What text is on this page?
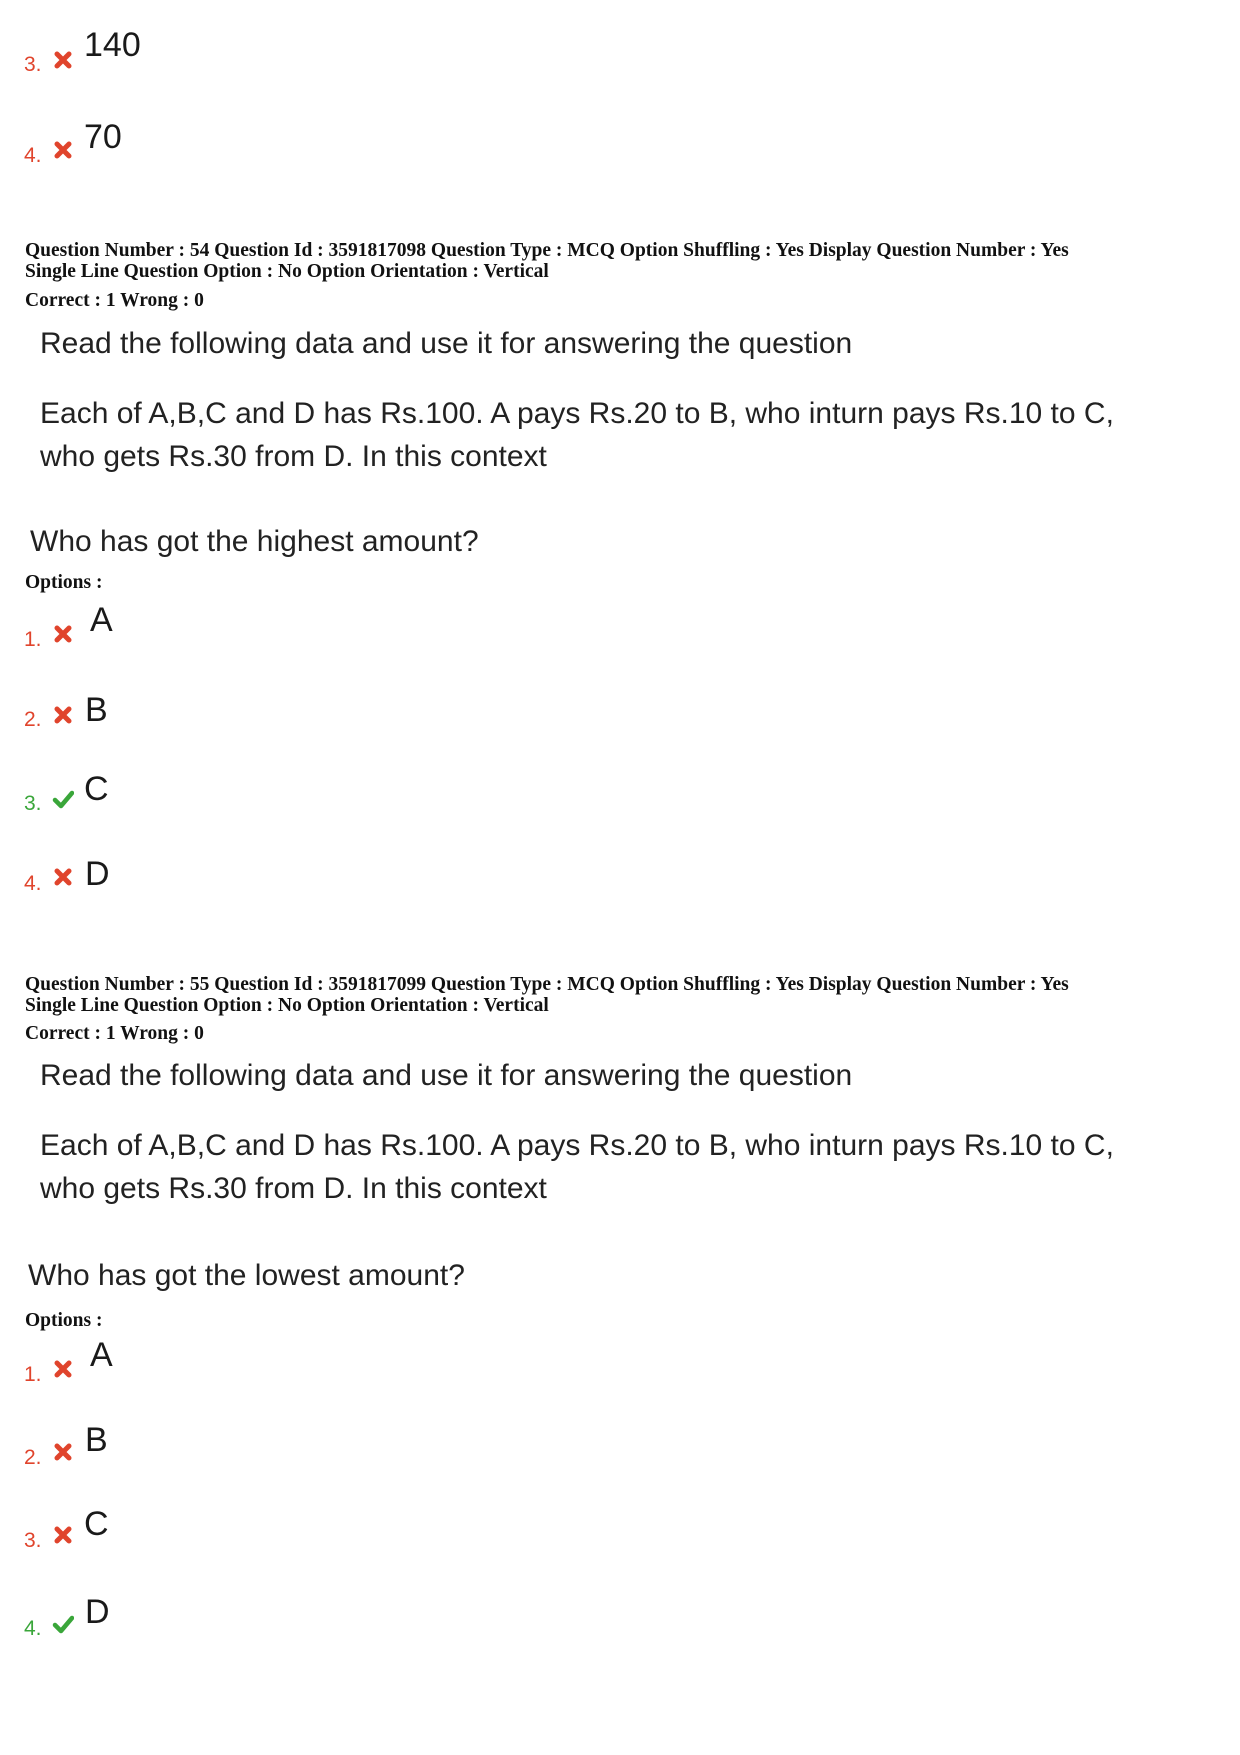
3.
140
4. 70
Question Number : 54 Question Id : 3591817098 Question Type : MCQ Option Shuffling : Yes Display Question Number : Yes
Single Line Question Option : No Option Orientation : Vertical
Correct : 1 Wrong : 0
Read the following data and use it for answering the question
Each of A,B,C and D has Rs.100. A pays Rs.20 to B, who inturn pays Rs.10 to C,
who gets Rs.30 from D. In this context
Who has got the highest amount?
Options :
1.
A
2. B
3. C
4. D
Question Number : 55 Question Id : 3591817099 Question Type : MCQ Option Shuffling : Yes Display Question Number : Yes
Single Line Question Option : No Option Orientation : Vertical
Correct : 1 Wrong : 0
Read the following data and use it for answering the question
Each of A,B,C and D has Rs.100. A pays Rs.20 to B, who inturn pays Rs.10 to C,
who gets Rs.30 from D. In this context
Who has got the lowest amount?
Options :
1.
A
2. B
3. C
4. D
